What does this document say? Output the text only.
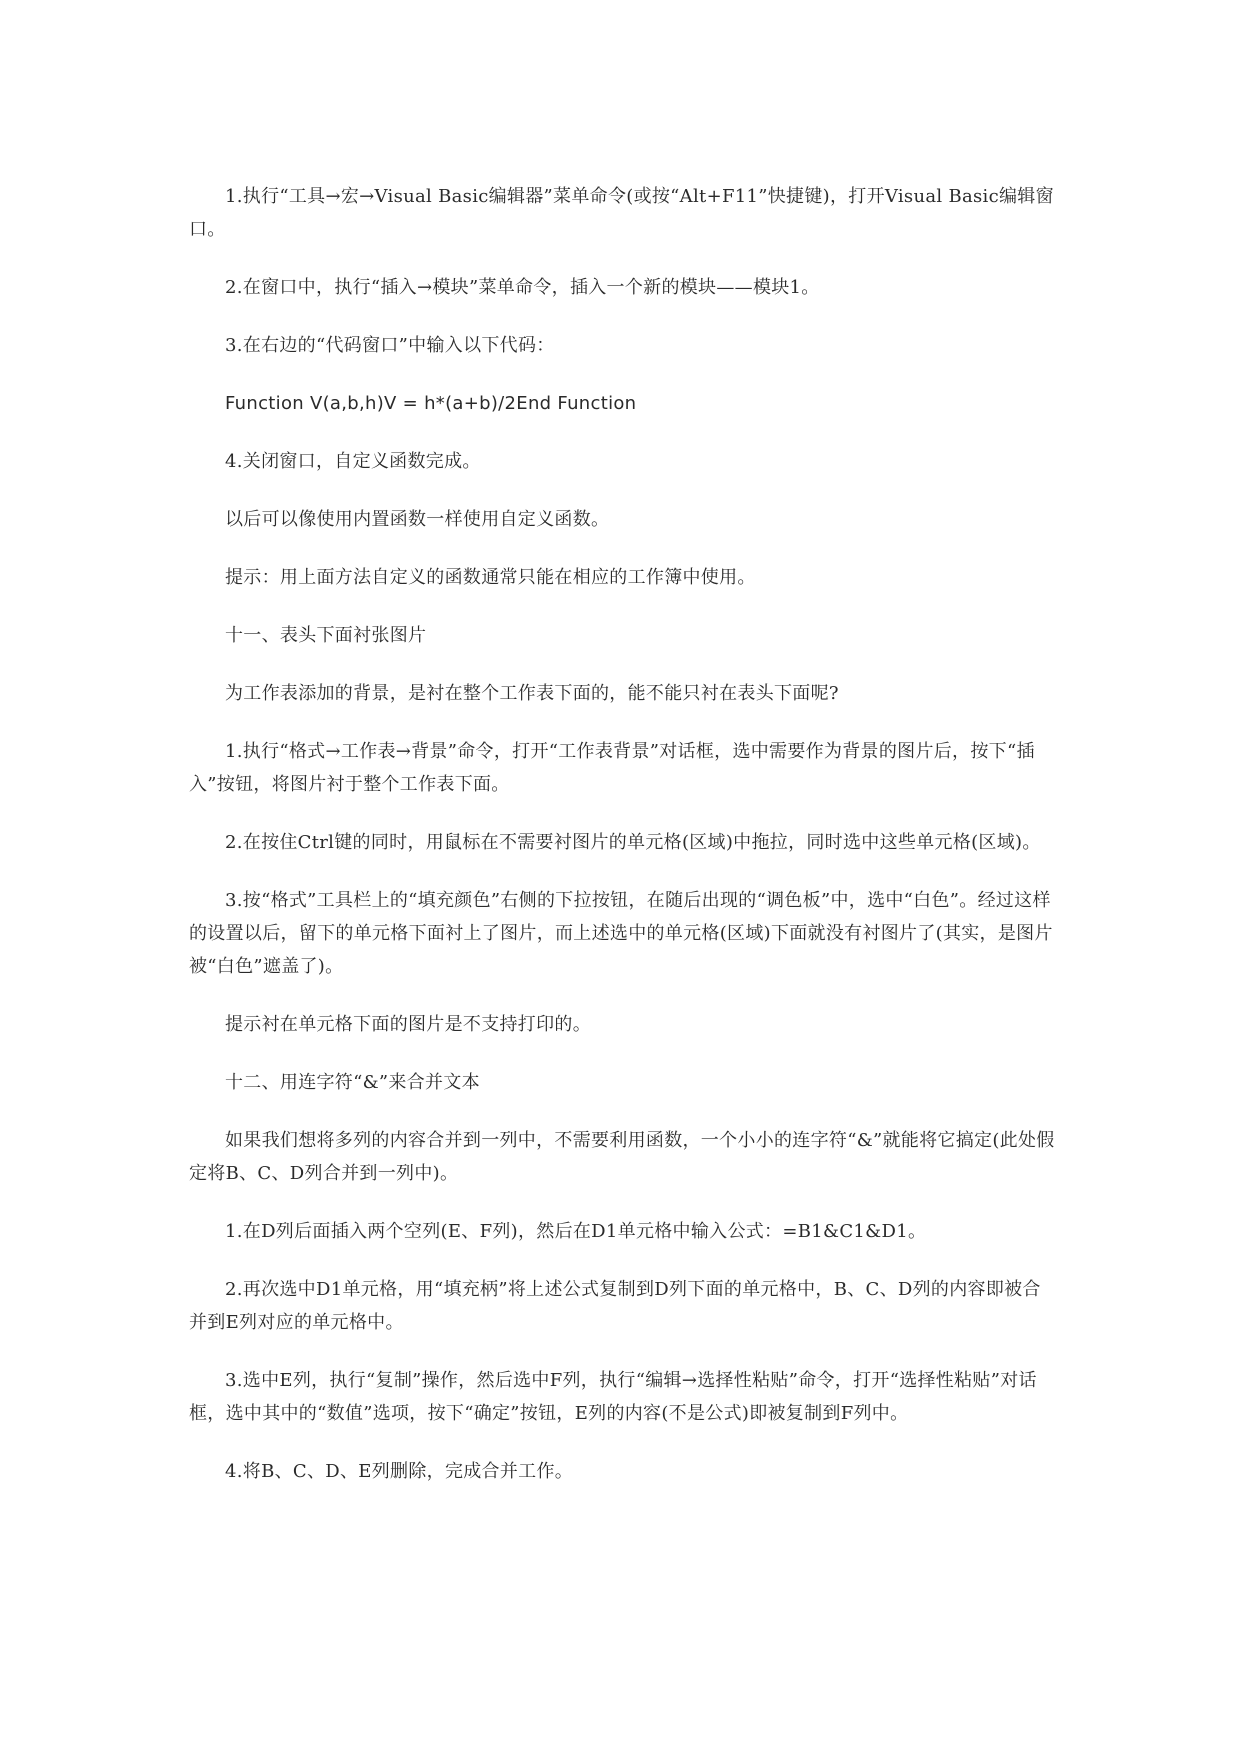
1.执行“工具→宏→Visual Basic编辑器”菜单命令(或按“Alt+F11”快捷键)，打开Visual Basic编辑窗口。

2.在窗口中，执行“插入→模块”菜单命令，插入一个新的模块——模块1。

3.在右边的“代码窗口”中输入以下代码：

Function V(a,b,h)V = h*(a+b)/2End Function

4.关闭窗口，自定义函数完成。

以后可以像使用内置函数一样使用自定义函数。

提示：用上面方法自定义的函数通常只能在相应的工作簿中使用。

十一、表头下面衬张图片

为工作表添加的背景，是衬在整个工作表下面的，能不能只衬在表头下面呢?

1.执行“格式→工作表→背景”命令，打开“工作表背景”对话框，选中需要作为背景的图片后，按下“插入”按钮，将图片衬于整个工作表下面。

2.在按住Ctrl键的同时，用鼠标在不需要衬图片的单元格(区域)中拖拉，同时选中这些单元格(区域)。

3.按“格式”工具栏上的“填充颜色”右侧的下拉按钮，在随后出现的“调色板”中，选中“白色”。经过这样的设置以后，留下的单元格下面衬上了图片，而上述选中的单元格(区域)下面就没有衬图片了(其实，是图片被“白色”遮盖了)。

提示衬在单元格下面的图片是不支持打印的。

十二、用连字符“&”来合并文本

如果我们想将多列的内容合并到一列中，不需要利用函数，一个小小的连字符“&”就能将它搞定(此处假定将B、C、D列合并到一列中)。

1.在D列后面插入两个空列(E、F列)，然后在D1单元格中输入公式：=B1&C1&D1。

2.再次选中D1单元格，用“填充柄”将上述公式复制到D列下面的单元格中，B、C、D列的内容即被合并到E列对应的单元格中。

3.选中E列，执行“复制”操作，然后选中F列，执行“编辑→选择性粘贴”命令，打开“选择性粘贴”对话框，选中其中的“数值”选项，按下“确定”按钮，E列的内容(不是公式)即被复制到F列中。

4.将B、C、D、E列删除，完成合并工作。
